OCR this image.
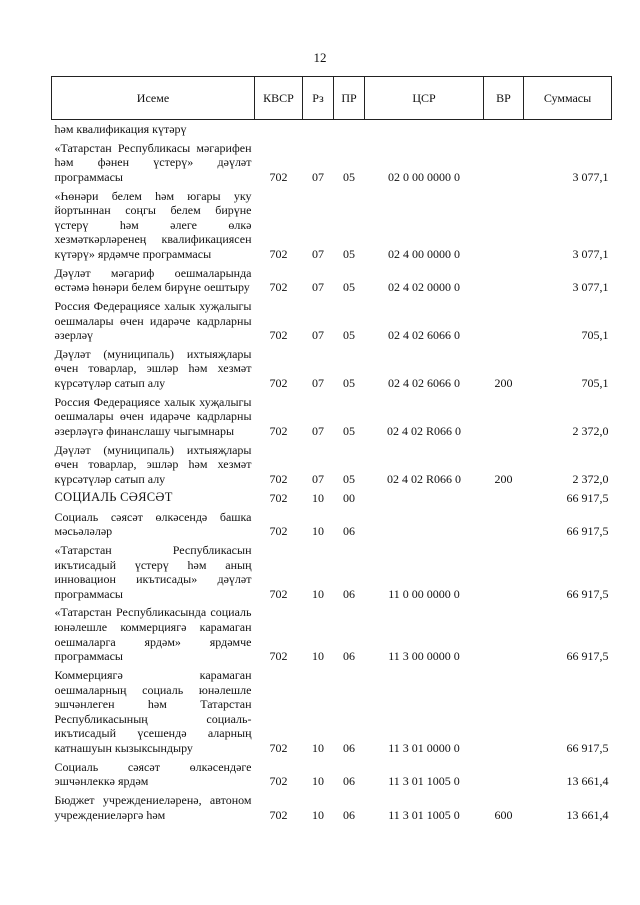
12
Исеме	КВСР	Рз	ПР	ЦСР	ВР	Суммасы
һәм квалификация күтәрү						
«Татарстан Республикасы мәгарифен һәм фәнен үстерү» дәүләт программасы	702	07	05	02 0 00 0000 0		3 077,1
«Һөнәри белем һәм югары уку йортыннан соңгы белем бирүне үстерү һәм әлеге өлкә хезмәткәрләренең квалификациясен күтәрү» ярдәмче программасы	702	07	05	02 4 00 0000 0		3 077,1
Дәүләт мәгариф оешмаларында өстәмә һөнәри белем бирүне оештыру	702	07	05	02 4 02 0000 0		3 077,1
Россия Федерациясе халык хуҗалыгы оешмалары өчен идарәче кадрларны әзерләү	702	07	05	02 4 02 6066 0		705,1
Дәүләт (муниципаль) ихтыяҗлары өчен товарлар, эшләр һәм хезмәт күрсәтүләр сатып алу	702	07	05	02 4 02 6066 0	200	705,1
Россия Федерациясе халык хуҗалыгы оешмалары өчен идарәче кадрларны әзерләүгә финанслашу чыгымнары	702	07	05	02 4 02 R066 0		2 372,0
Дәүләт (муниципаль) ихтыяҗлары өчен товарлар, эшләр һәм хезмәт күрсәтүләр сатып алу	702	07	05	02 4 02 R066 0	200	2 372,0
СОЦИАЛЬ СӘЯСӘТ	702	10	00			66 917,5
Социаль сәясәт өлкәсендә башка мәсьәләләр	702	10	06			66 917,5
«Татарстан Республикасын икътисадый үстерү һәм аның инновацион икътисады» дәүләт программасы	702	10	06	11 0 00 0000 0		66 917,5
«Татарстан Республикасында социаль юнәлешле коммерциягә карамаган оешмаларга ярдәм» ярдәмче программасы	702	10	06	11 3 00 0000 0		66 917,5
Коммерциягә карамаган оешмаларның социаль юнәлешле эшчәнлеген һәм Татарстан Республикасының социаль-икътисадый үсешендә аларның катнашуын кызыксындыру	702	10	06	11 3 01 0000 0		66 917,5
Социаль сәясәт өлкәсендәге эшчәнлеккә ярдәм	702	10	06	11 3 01 1005 0		13 661,4
Бюджет учреждениеләренә, автоном учреждениеләргә һәм	702	10	06	11 3 01 1005 0	600	13 661,4
